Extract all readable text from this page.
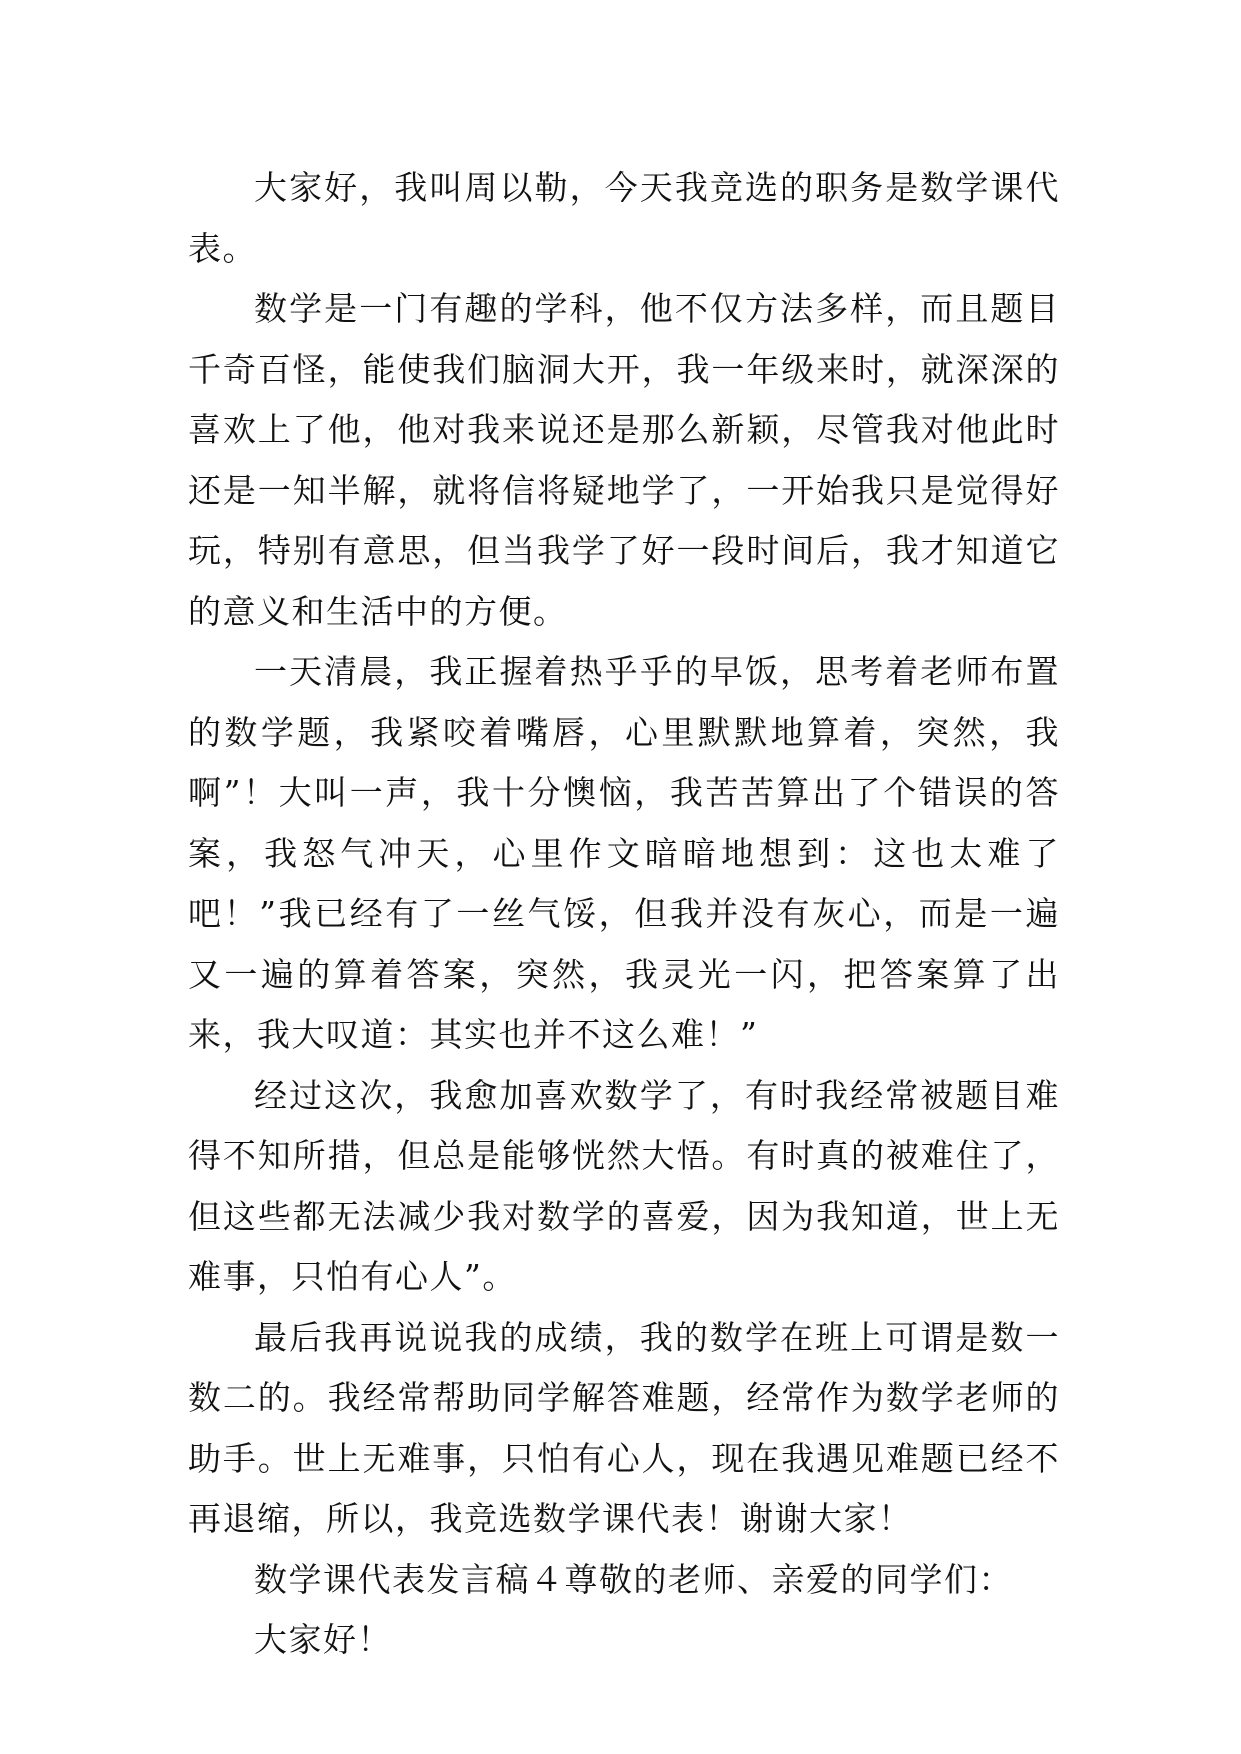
大家好，我叫周以勒，今天我竞选的职务是数学课代表。

数学是一门有趣的学科，他不仅方法多样，而且题目千奇百怪，能使我们脑洞大开，我一年级来时，就深深的喜欢上了他，他对我来说还是那么新颖，尽管我对他此时还是一知半解，就将信将疑地学了，一开始我只是觉得好玩，特别有意思，但当我学了好一段时间后，我才知道它的意义和生活中的方便。

一天清晨，我正握着热乎乎的早饭，思考着老师布置的数学题，我紧咬着嘴唇，心里默默地算着，突然，我啊”！大叫一声，我十分懊恼，我苦苦算出了个错误的答案，我怒气冲天，心里作文暗暗地想到：这也太难了吧！”我已经有了一丝气馁，但我并没有灰心，而是一遍又一遍的算着答案，突然，我灵光一闪，把答案算了出来，我大叹道：其实也并不这么难！”

经过这次，我愈加喜欢数学了，有时我经常被题目难得不知所措，但总是能够恍然大悟。有时真的被难住了，但这些都无法减少我对数学的喜爱，因为我知道，世上无难事，只怕有心人”。

最后我再说说我的成绩，我的数学在班上可谓是数一数二的。我经常帮助同学解答难题，经常作为数学老师的助手。世上无难事，只怕有心人，现在我遇见难题已经不再退缩，所以，我竞选数学课代表！谢谢大家！

数学课代表发言稿４尊敬的老师、亲爱的同学们：

大家好！
